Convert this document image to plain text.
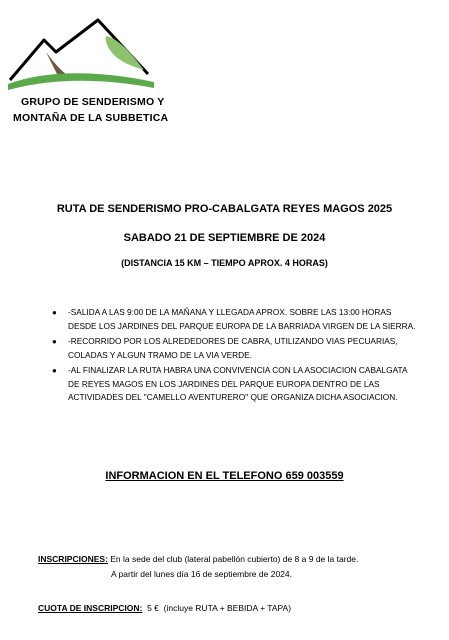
GRUPO DE SENDERISMO Y
MONTAÑA DE LA SUBBETICA
RUTA DE SENDERISMO PRO-CABALGATA REYES MAGOS 2025
SABADO 21 DE SEPTIEMBRE DE 2024
(DISTANCIA 15 KM – TIEMPO APROX. 4 HORAS)
● -SALIDA A LAS 9:00 DE LA MAÑANA Y LLEGADA APROX. SOBRE LAS 13:00 HORAS DESDE LOS JARDINES DEL PARQUE EUROPA DE LA BARRIADA VIRGEN DE LA SIERRA.
● -RECORRIDO POR LOS ALREDEDORES DE CABRA, UTILIZANDO VIAS PECUARIAS, COLADAS Y ALGUN TRAMO DE LA VIA VERDE.
● -AL FINALIZAR LA RUTA HABRA UNA CONVIVENCIA CON LA ASOCIACION CABALGATA DE REYES MAGOS EN LOS JARDINES DEL PARQUE EUROPA DENTRO DE LAS ACTIVIDADES DEL "CAMELLO AVENTURERO" QUE ORGANIZA DICHA ASOCIACION.
INFORMACION EN EL TELEFONO 659 003559
INSCRIPCIONES: En la sede del club (lateral pabellón cubierto) de 8 a 9 de la tarde.
A partir del lunes día 16 de septiembre de 2024.
CUOTA DE INSCRIPCION:  5 €  (incluye RUTA + BEBIDA + TAPA)
